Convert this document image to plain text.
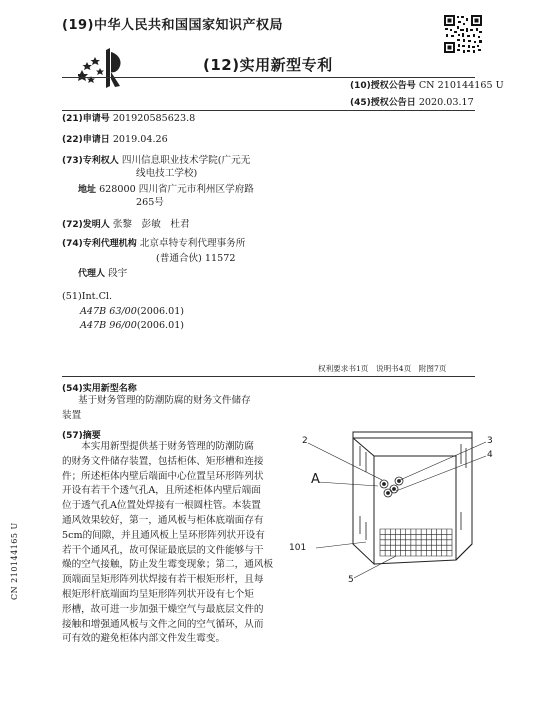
(19)中华人民共和国国家知识产权局
(12)实用新型专利
(10)授权公告号 CN 210144165 U
(45)授权公告日 2020.03.17
(21)申请号 201920585623.8
(22)申请日 2019.04.26
(73)专利权人 四川信息职业技术学院(广元无
线电技工学校)
地址 628000 四川省广元市利州区学府路
265号
(72)发明人 张黎　彭敏　杜君
(74)专利代理机构 北京卓特专利代理事务所
(普通合伙) 11572
代理人 段宇
(51)Int.Cl.
A47B 63/00(2006.01)
A47B 96/00(2006.01)
权利要求书1页　说明书4页　附图7页
(54)实用新型名称
基于财务管理的防潮防腐的财务文件储存
装置
(57)摘要
　　本实用新型提供基于财务管理的防潮防腐
的财务文件储存装置，包括柜体、矩形槽和连接
件；所述柜体内壁后端面中心位置呈环形阵列状
开设有若干个透气孔A，且所述柜体内壁后端面
位于透气孔A位置处焊接有一根圆柱管。本装置
通风效果较好，第一，通风板与柜体底端面存有
5cm的间隙，并且通风板上呈环形阵列状开设有
若干个通风孔，故可保证最底层的文件能够与干
燥的空气接触，防止发生霉变现象；第二，通风板
顶端面呈矩形阵列状焊接有若干根矩形杆，且每
根矩形杆底端面均呈矩形阵列状开设有七个矩
形槽，故可进一步加强干燥空气与最底层文件的
接触和增强通风板与文件之间的空气循环，从而
可有效的避免柜体内部文件发生霉变。
2	3
4
A
101
5
CN 210144165 U
